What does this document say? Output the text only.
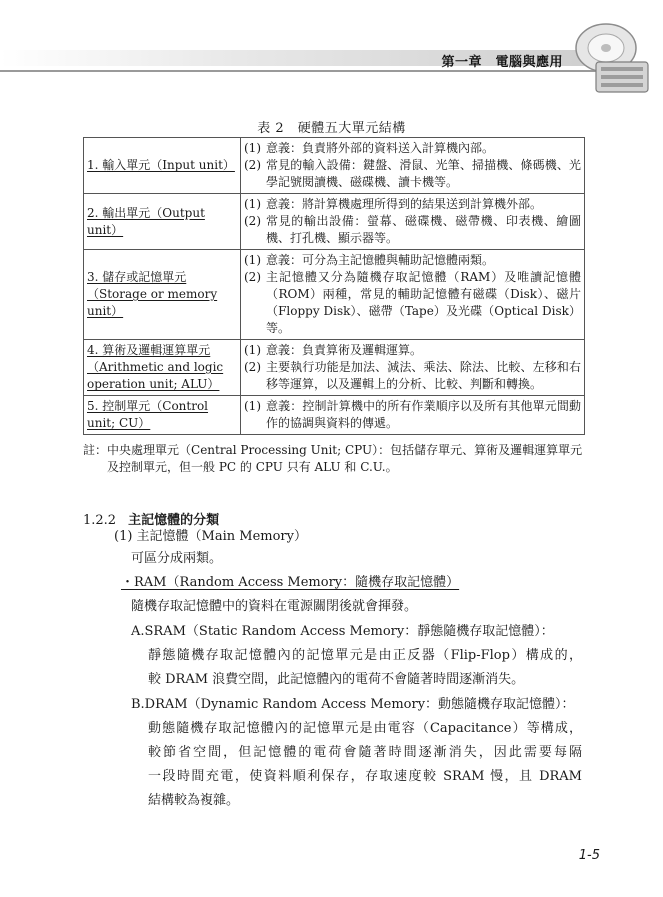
第一章　電腦與應用
表 2　硬體五大單元結構
1. 輸入單元（Input unit）	(1) 意義：負責將外部的資料送入計算機內部。
(2) 常見的輸入設備：鍵盤、滑鼠、光筆、掃描機、條碼機、光學記號閱讀機、磁碟機、讀卡機等。

2. 輸出單元（Output unit）	(1) 意義：將計算機處理所得到的結果送到計算機外部。
(2) 常見的輸出設備：螢幕、磁碟機、磁帶機、印表機、繪圖機、打孔機、顯示器等。

3. 儲存或記憶單元（Storage or memory unit）	(1) 意義：可分為主記憶體與輔助記憶體兩類。
(2) 主記憶體又分為隨機存取記憶體（RAM）及唯讀記憶體（ROM）兩種，常見的輔助記憶體有磁碟（Disk）、磁片（Floppy Disk）、磁帶（Tape）及光碟（Optical Disk）等。

4. 算術及邏輯運算單元（Arithmetic and logic operation unit; ALU）	(1) 意義：負責算術及邏輯運算。
(2) 主要執行功能是加法、減法、乘法、除法、比較、左移和右移等運算，以及邏輯上的分析、比較、判斷和轉換。

5. 控制單元（Control unit; CU）	(1) 意義：控制計算機中的所有作業順序以及所有其他單元間動作的協調與資料的傳遞。
註： 中央處理單元（Central Processing Unit; CPU）：包括儲存單元、算術及邏輯運算單元及控制單元，但一般 PC 的 CPU 只有 ALU 和 C.U.。
1.2.2 主記憶體的分類
(1) 主記憶體（Main Memory）
可區分成兩類。
・RAM（Random Access Memory：隨機存取記憶體）
隨機存取記憶體中的資料在電源關閉後就會揮發。
A.SRAM（Static Random Access Memory：靜態隨機存取記憶體）：
靜態隨機存取記憶體內的記憶單元是由正反器（Flip-Flop）構成的，
較 DRAM 浪費空間，此記憶體內的電荷不會隨著時間逐漸消失。
B.DRAM（Dynamic Random Access Memory：動態隨機存取記憶體）：
動態隨機存取記憶體內的記憶單元是由電容（Capacitance）等構成，
較節省空間，但記憶體的電荷會隨著時間逐漸消失，因此需要每隔
一段時間充電，使資料順利保存，存取速度較 SRAM 慢，且 DRAM
結構較為複雜。
1-5
